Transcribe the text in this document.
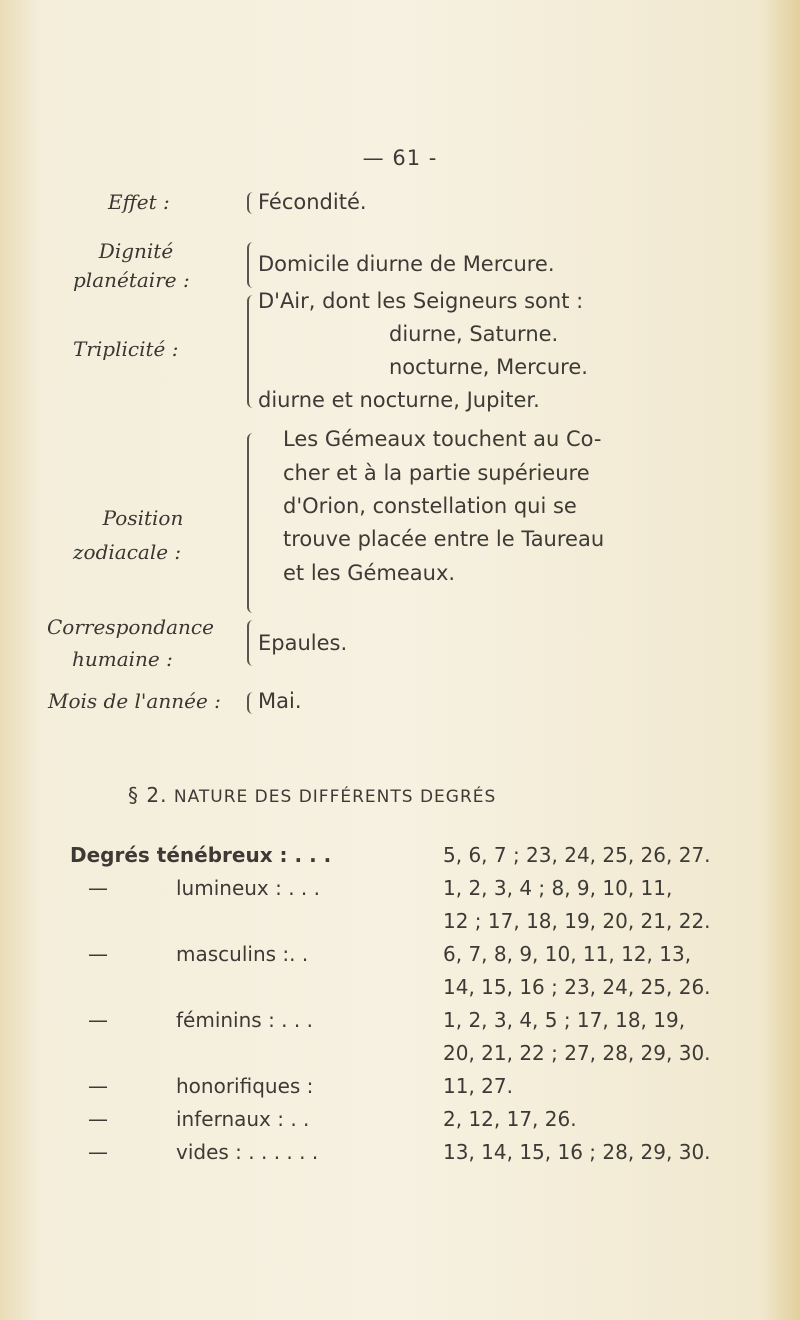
— 61 -
Effet :	Fécondité.
Dignité
planétaire :
Domicile diurne de Mercure.
Triplicité :
D'Air, dont les Seigneurs sont :
diurne, Saturne.
nocturne, Mercure.
diurne et nocturne, Jupiter.
Position
zodiacale :
Les Gémeaux touchent au Co-
cher et à la partie supérieure
d'Orion, constellation qui se
trouve placée entre le Taureau
et les Gémeaux.
Correspondance
humaine :
Epaules.
Mois de l'année : Mai.
§ 2. NATURE DES DIFFÉRENTS DEGRÉS
Degrés ténébreux : . . .	5, 6, 7 ; 23, 24, 25, 26, 27.
—	lumineux : . . .	1, 2, 3, 4 ; 8, 9, 10, 11,
12 ; 17, 18, 19, 20, 21, 22.
—	masculins :. .	6, 7, 8, 9, 10, 11, 12, 13,
14, 15, 16 ; 23, 24, 25, 26.
—	féminins : . . .	1, 2, 3, 4, 5 ; 17, 18, 19,
20, 21, 22 ; 27, 28, 29, 30.
—	honorifiques :	11, 27.
—	infernaux : . .	2, 12, 17, 26.
—	vides : . . . . . .	13, 14, 15, 16 ; 28, 29, 30.
